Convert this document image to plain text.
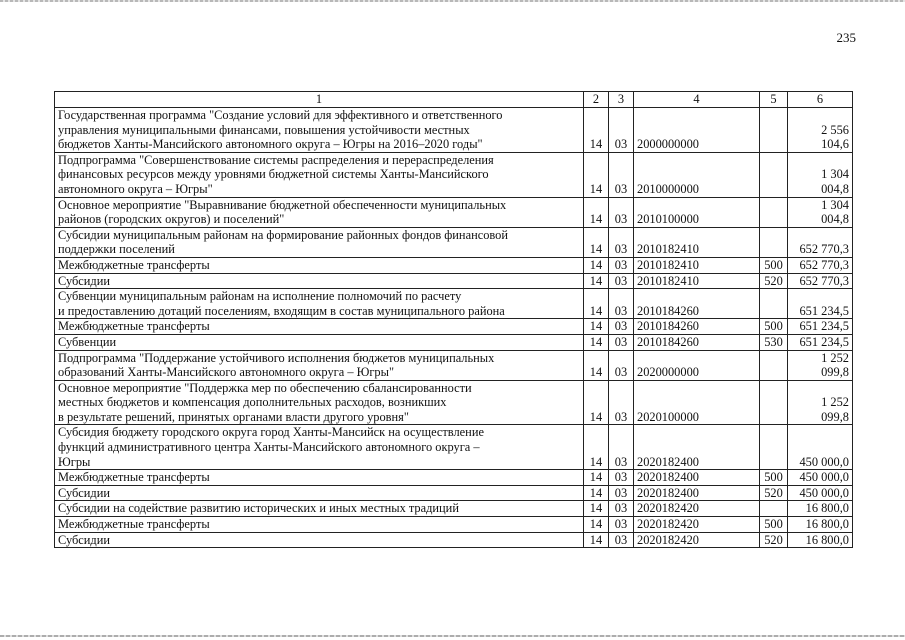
235
1	2	3	4	5	6
Государственная программа "Создание условий для эффективного и ответственного
управления муниципальными финансами, повышения устойчивости местных
бюджетов Ханты-Мансийского автономного округа – Югры на 2016–2020 годы"	14	03	2000000000		2 556 104,6
Подпрограмма "Совершенствование системы распределения и перераспределения
финансовых ресурсов между уровнями бюджетной системы Ханты-Мансийского
автономного округа – Югры"	14	03	2010000000		1 304 004,8
Основное мероприятие "Выравнивание бюджетной обеспеченности муниципальных
районов (городских округов) и поселений"	14	03	2010100000		1 304 004,8
Субсидии муниципальным районам на формирование районных фондов финансовой
поддержки поселений	14	03	2010182410		652 770,3
Межбюджетные трансферты	14	03	2010182410	500	652 770,3
Субсидии	14	03	2010182410	520	652 770,3
Субвенции муниципальным районам на исполнение полномочий по расчету
и предоставлению дотаций поселениям, входящим в состав муниципального района	14	03	2010184260		651 234,5
Межбюджетные трансферты	14	03	2010184260	500	651 234,5
Субвенции	14	03	2010184260	530	651 234,5
Подпрограмма "Поддержание устойчивого исполнения бюджетов муниципальных
образований Ханты-Мансийского автономного округа – Югры"	14	03	2020000000		1 252 099,8
Основное мероприятие "Поддержка мер по обеспечению сбалансированности
местных бюджетов и компенсация дополнительных расходов, возникших
в результате решений, принятых органами власти другого уровня"	14	03	2020100000		1 252 099,8
Субсидия бюджету городского округа город Ханты-Мансийск на осуществление
функций административного центра Ханты-Мансийского автономного округа –
Югры	14	03	2020182400		450 000,0
Межбюджетные трансферты	14	03	2020182400	500	450 000,0
Субсидии	14	03	2020182400	520	450 000,0
Субсидии на содействие развитию исторических и иных местных традиций	14	03	2020182420		16 800,0
Межбюджетные трансферты	14	03	2020182420	500	16 800,0
Субсидии	14	03	2020182420	520	16 800,0
